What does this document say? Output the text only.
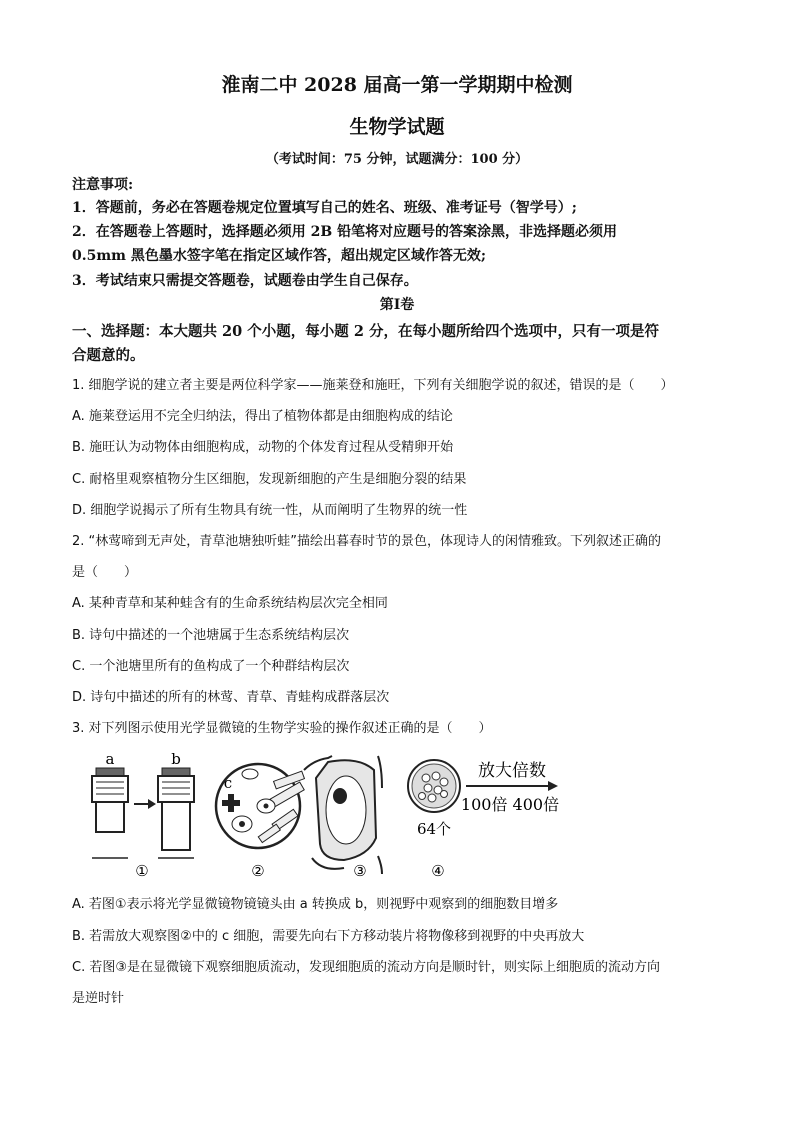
淮南二中 2028 届高一第一学期期中检测
生物学试题
（考试时间：75 分钟，试题满分：100 分）
注意事项:
1．答题前，务必在答题卷规定位置填写自己的姓名、班级、准考证号（智学号）;
2．在答题卷上答题时，选择题必须用 2B 铅笔将对应题号的答案涂黑，非选择题必须用
0.5mm 黑色墨水签字笔在指定区域作答，超出规定区域作答无效;
3．考试结束只需提交答题卷，试题卷由学生自己保存。
第Ⅰ卷
一、选择题：本大题共 20 个小题，每小题 2 分，在每小题所给四个选项中，只有一项是符
合题意的。
1. 细胞学说的建立者主要是两位科学家——施莱登和施旺，下列有关细胞学说的叙述，错误的是（　　）
A. 施莱登运用不完全归纳法，得出了植物体都是由细胞构成的结论
B. 施旺认为动物体由细胞构成，动物的个体发育过程从受精卵开始
C. 耐格里观察植物分生区细胞，发现新细胞的产生是细胞分裂的结果
D. 细胞学说揭示了所有生物具有统一性，从而阐明了生物界的统一性
2. “林莺啼到无声处，青草池塘独听蛙”描绘出暮春时节的景色，体现诗人的闲情雅致。下列叙述正确的
是（　　）
A. 某种青草和某种蛙含有的生命系统结构层次完全相同
B. 诗句中描述的一个池塘属于生态系统结构层次
C. 一个池塘里所有的鱼构成了一个种群结构层次
D. 诗句中描述的所有的林莺、青草、青蛙构成群落层次
3. 对下列图示使用光学显微镜的生物学实验的操作叙述正确的是（　　）
a	b
①
c
②	③
64个
④
放大倍数
100倍 400倍
A. 若图①表示将光学显微镜物镜镜头由 a 转换成 b，则视野中观察到的细胞数目增多
B. 若需放大观察图②中的 c 细胞，需要先向右下方移动装片将物像移到视野的中央再放大
C. 若图③是在显微镜下观察细胞质流动，发现细胞质的流动方向是顺时针，则实际上细胞质的流动方向
是逆时针
